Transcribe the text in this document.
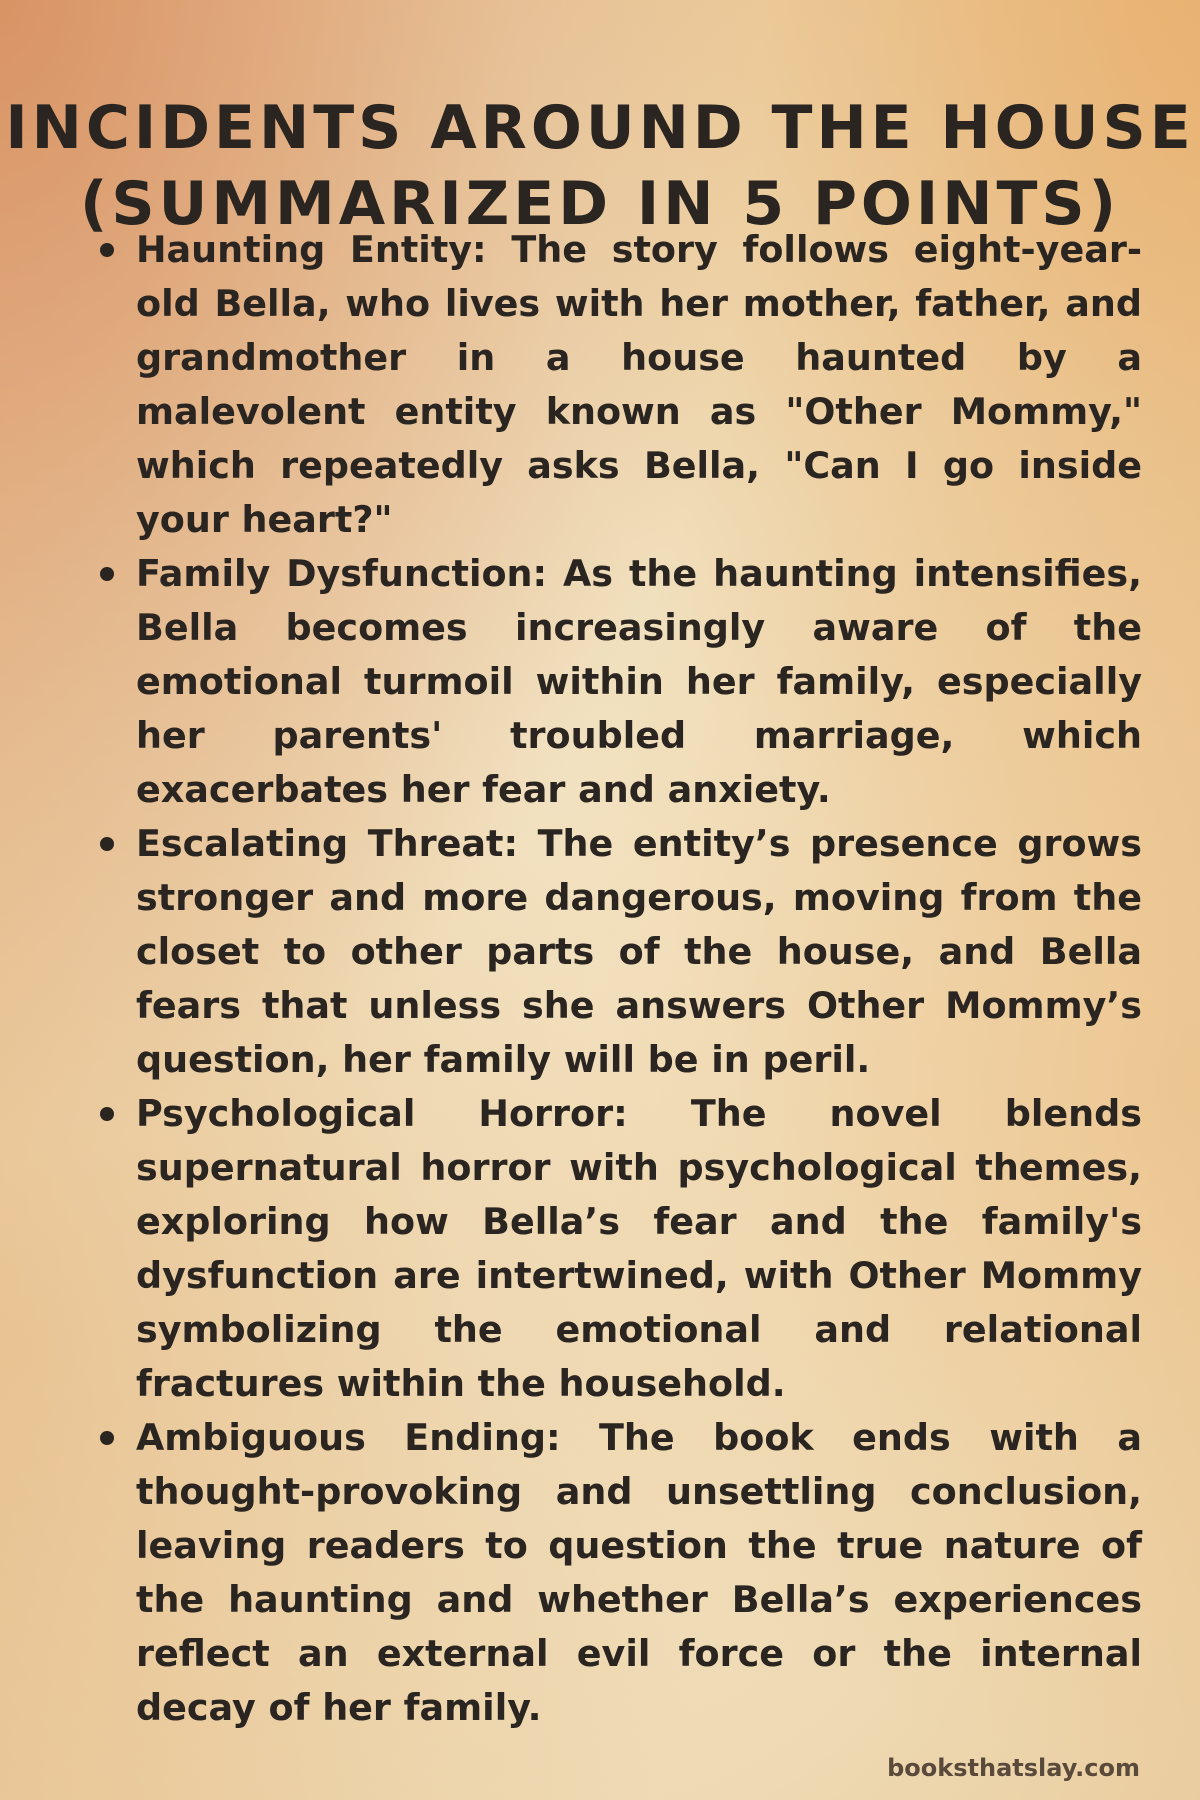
INCIDENTS AROUND THE HOUSE
(SUMMARIZED IN 5 POINTS)
Haunting Entity: The story follows eight-year-old Bella, who lives with her mother, father, and grandmother in a house haunted by a malevolent entity known as "Other Mommy," which repeatedly asks Bella, "Can I go inside your heart?"
Family Dysfunction: As the haunting intensifies, Bella becomes increasingly aware of the emotional turmoil within her family, especially her parents' troubled marriage, which exacerbates her fear and anxiety.
Escalating Threat: The entity’s presence grows stronger and more dangerous, moving from the closet to other parts of the house, and Bella fears that unless she answers Other Mommy’s question, her family will be in peril.
Psychological Horror: The novel blends supernatural horror with psychological themes, exploring how Bella’s fear and the family's dysfunction are intertwined, with Other Mommy symbolizing the emotional and relational fractures within the household.
Ambiguous Ending: The book ends with a thought-provoking and unsettling conclusion, leaving readers to question the true nature of the haunting and whether Bella’s experiences reflect an external evil force or the internal decay of her family.
booksthatslay.com
